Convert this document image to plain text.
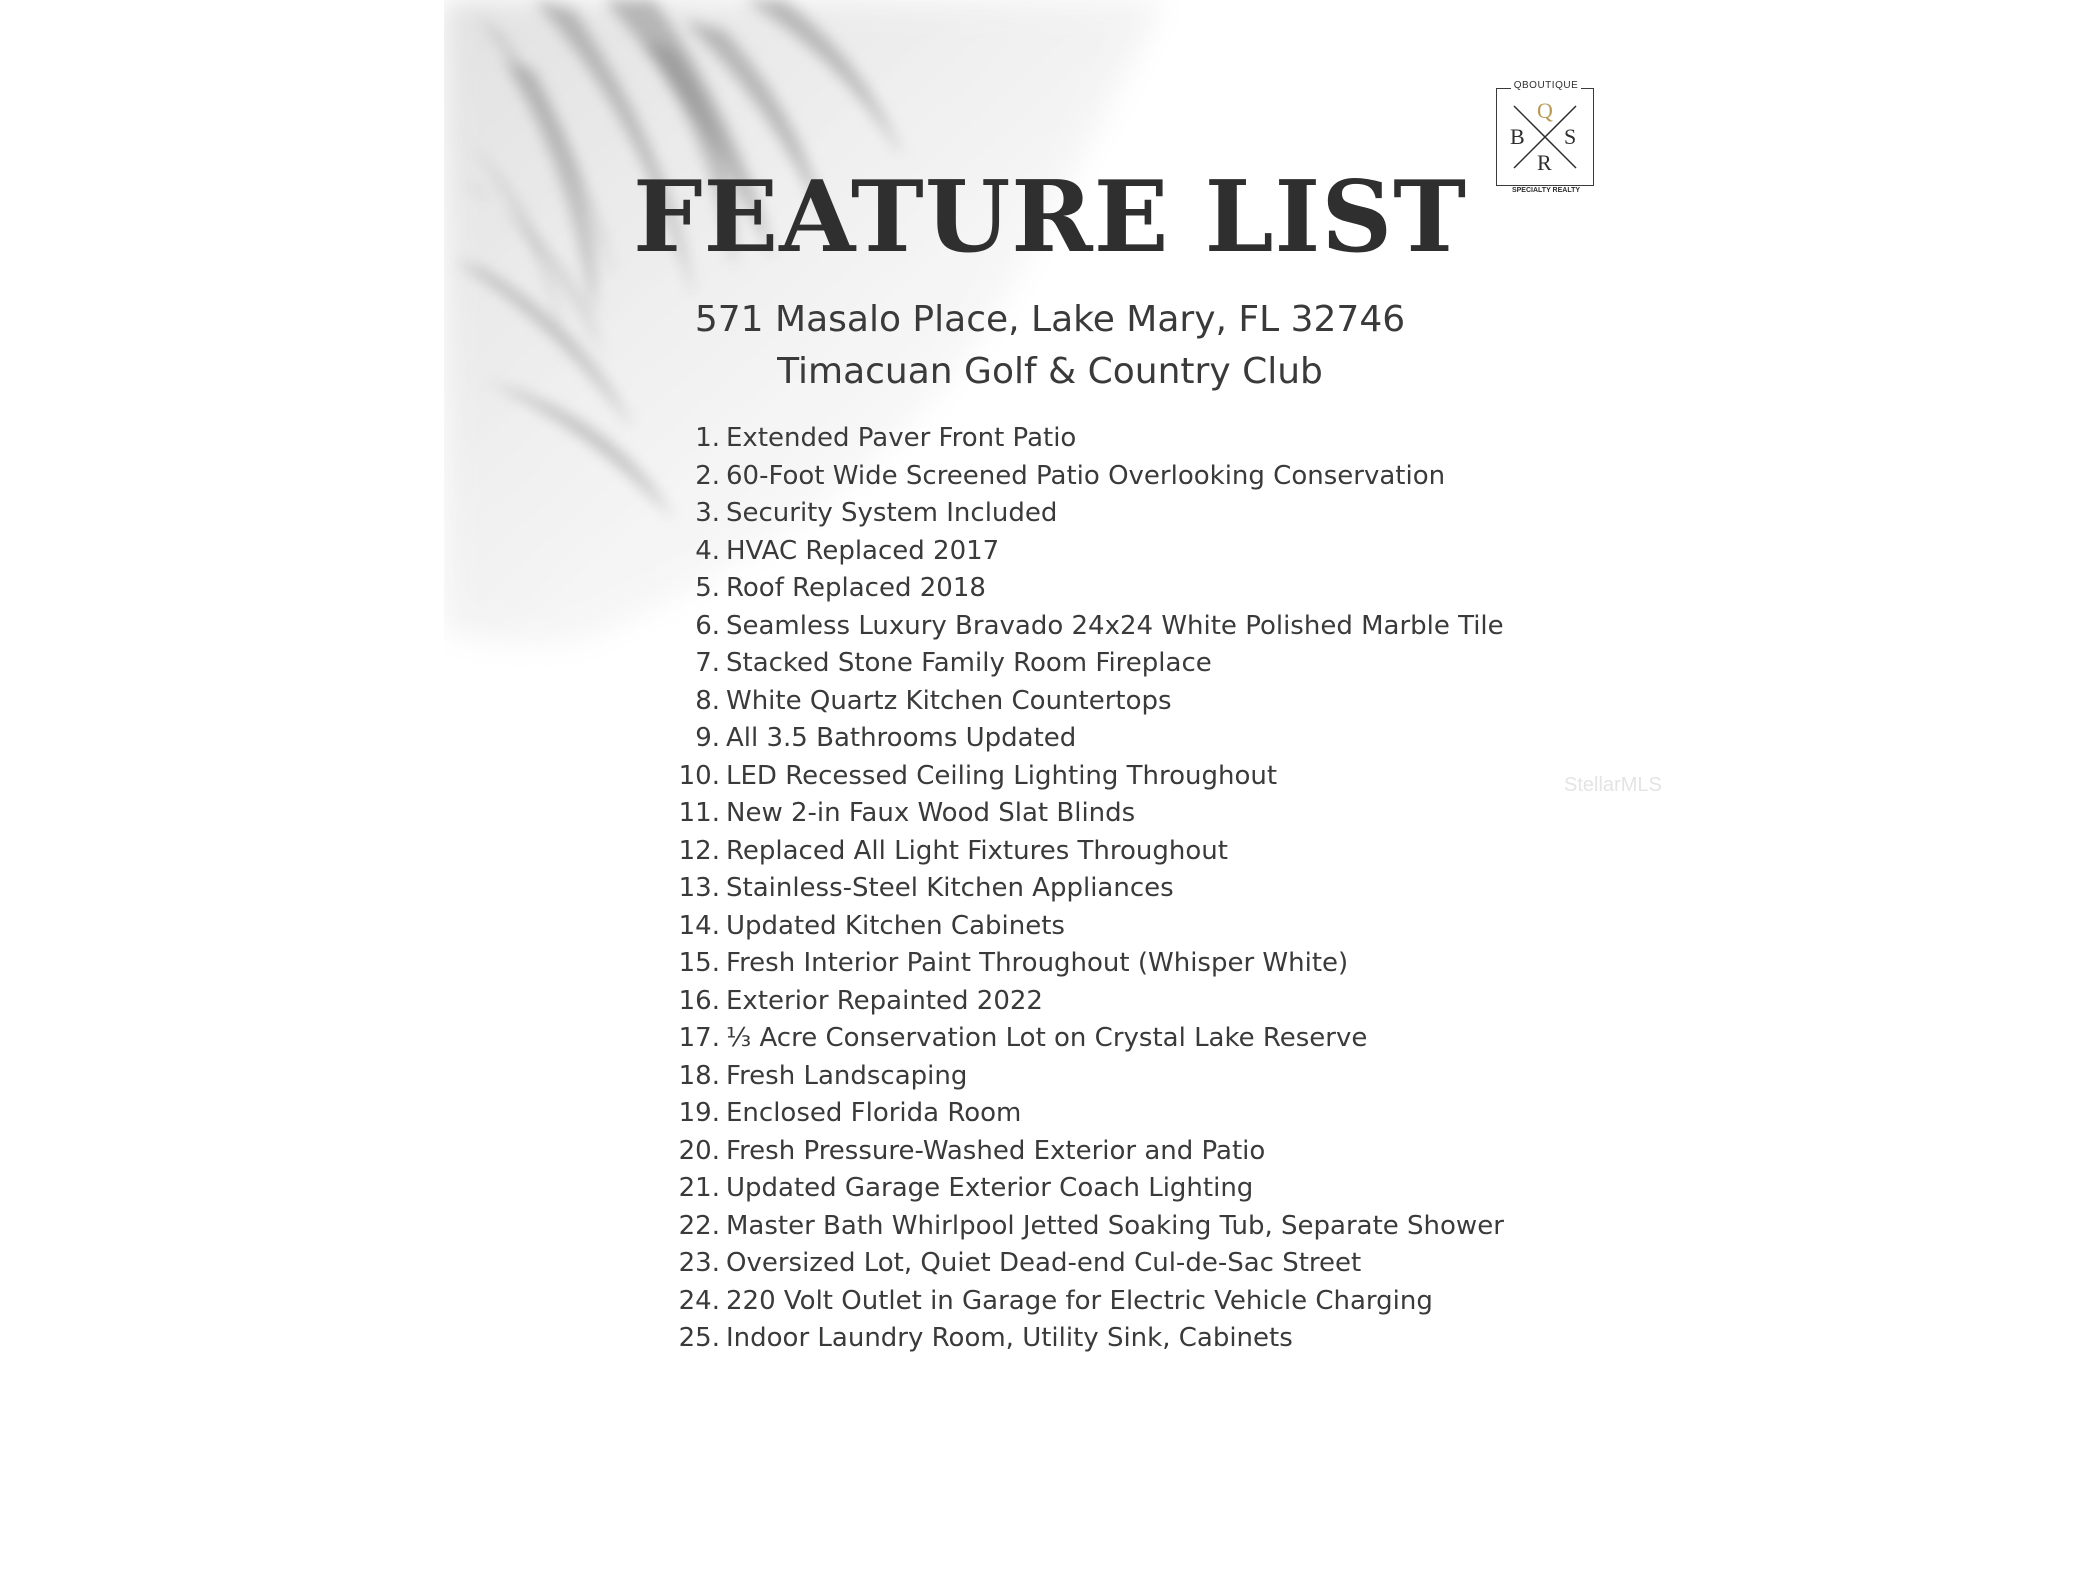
QBOUTIQUE
Q
B S
R
SPECIALTY REALTY
FEATURE LIST
571 Masalo Place, Lake Mary, FL 32746
Timacuan Golf & Country Club
1. Extended Paver Front Patio
2. 60-Foot Wide Screened Patio Overlooking Conservation
3. Security System Included
4. HVAC Replaced 2017
5. Roof Replaced 2018
6. Seamless Luxury Bravado 24x24 White Polished Marble Tile
7. Stacked Stone Family Room Fireplace
8. White Quartz Kitchen Countertops
9. All 3.5 Bathrooms Updated
10. LED Recessed Ceiling Lighting Throughout
11. New 2-in Faux Wood Slat Blinds
12. Replaced All Light Fixtures Throughout
13. Stainless-Steel Kitchen Appliances
14. Updated Kitchen Cabinets
15. Fresh Interior Paint Throughout (Whisper White)
16. Exterior Repainted 2022
17. ⅓ Acre Conservation Lot on Crystal Lake Reserve
18. Fresh Landscaping
19. Enclosed Florida Room
20. Fresh Pressure-Washed Exterior and Patio
21. Updated Garage Exterior Coach Lighting
22. Master Bath Whirlpool Jetted Soaking Tub, Separate Shower
23. Oversized Lot, Quiet Dead-end Cul-de-Sac Street
24. 220 Volt Outlet in Garage for Electric Vehicle Charging
25. Indoor Laundry Room, Utility Sink, Cabinets
StellarMLS
